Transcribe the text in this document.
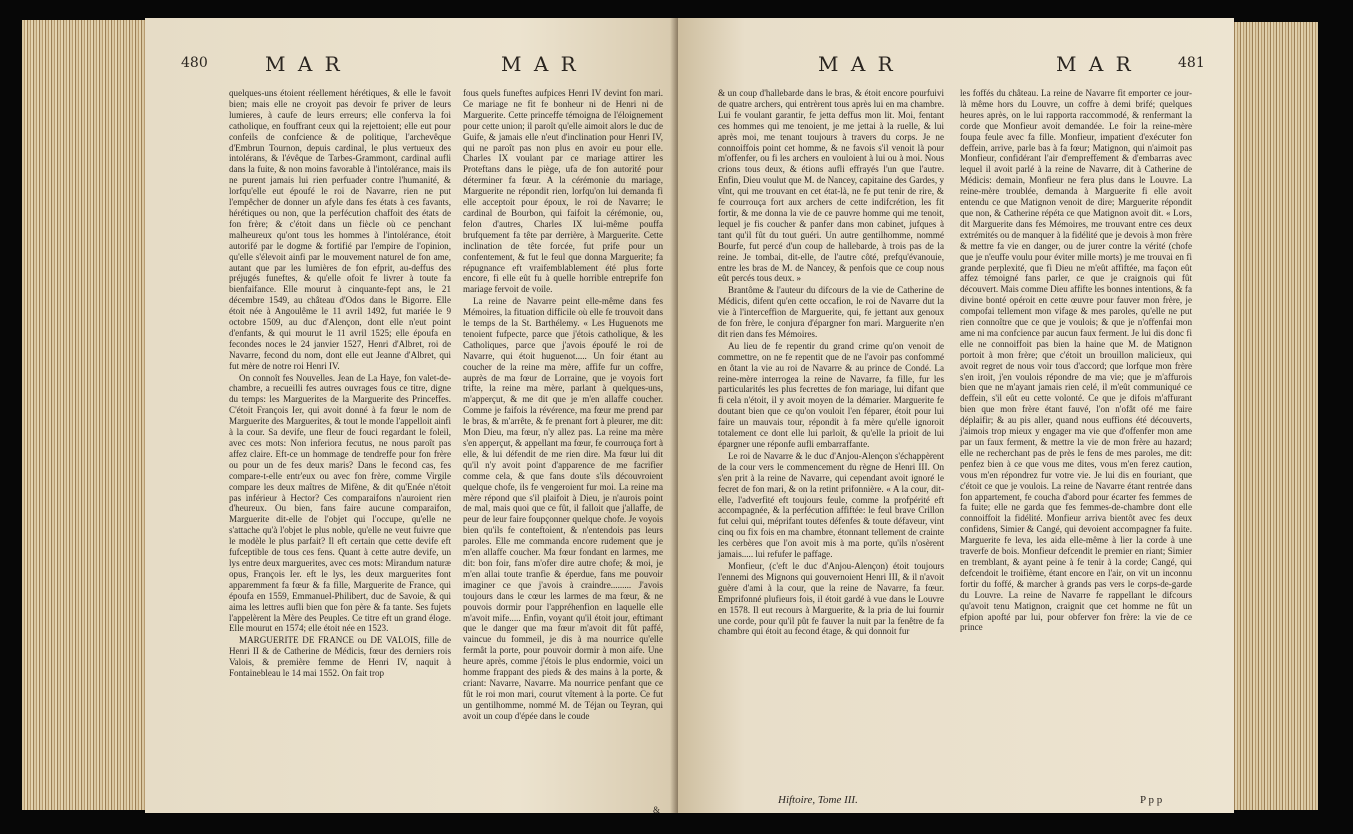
480	M A R	M A R

quelques-uns étoient réellement hérétiques, & elle le favoit bien; mais elle ne croyoit pas devoir fe priver de leurs lumieres, à caufe de leurs erreurs; elle conferva la foi catholique, en fouffrant ceux qui la rejettoient; elle eut pour confeils de confcience & de politique, l'archevêque d'Embrun Tournon, depuis cardinal, le plus vertueux des intolérans, & l'évêque de Tarbes-Grammont, cardinal aufli dans la fuite, & non moins favorable à l'intolérance, mais ils ne purent jamais lui rien perfuader contre l'humanité, & lorfqu'elle eut époufé le roi de Navarre, rien ne put l'empêcher de donner un afyle dans fes états à ces favants, hérétiques ou non, que la perfécution chaffoit des états de fon frère; & c'étoit dans un fiècle où ce penchant malheureux qu'ont tous les hommes à l'intolérance, étoit autorifé par le dogme & fortifié par l'empire de l'opinion, qu'elle s'élevoit ainfi par le mouvement naturel de fon ame, autant que par les lumières de fon efprit, au-deffus des préjugés funeftes, & qu'elle ofoit fe livrer à toute fa bienfaifance. Elle mourut à cinquante-fept ans, le 21 décembre 1549, au château d'Odos dans le Bigorre. Elle étoit née à Angoulême le 11 avril 1492, fut mariée le 9 octobre 1509, au duc d'Alençon, dont elle n'eut point d'enfants, & qui mourut le 11 avril 1525; elle époufa en fecondes noces le 24 janvier 1527, Henri d'Albret, roi de Navarre, fecond du nom, dont elle eut Jeanne d'Albret, qui fut mère de notre roi Henri IV.

On connoît fes Nouvelles. Jean de La Haye, fon valet-de-chambre, a recueilli fes autres ouvrages fous ce titre, digne du temps: les Marguerites de la Marguerite des Princeffes. C'étoit François Ier, qui avoit donné à fa fœur le nom de Marguerite des Marguerites, & tout le monde l'appelloit ainfi à la cour. Sa devife, une fleur de fouci regardant le foleil, avec ces mots: Non inferiora fecutus, ne nous paroît pas affez claire. Eft-ce un hommage de tendreffe pour fon frère ou pour un de fes deux maris? Dans le fecond cas, fes compare-t-elle entr'eux ou avec fon frère, comme Virgile compare les deux maîtres de Mifène, & dit qu'Enée n'étoit pas inférieur à Hector? Ces comparaifons n'auroient rien d'heureux. Ou bien, fans faire aucune comparaifon, Marguerite dit-elle de l'objet qui l'occupe, qu'elle ne s'attache qu'à l'objet le plus noble, qu'elle ne veut fuivre que le modèle le plus parfait? Il eft certain que cette devife eft fufceptible de tous ces fens. Quant à cette autre devife, un lys entre deux marguerites, avec ces mots: Mirandum naturæ opus, François Ier. eft le lys, les deux marguerites font apparemment fa fœur & fa fille, Marguerite de France, qui époufa en 1559, Emmanuel-Philibert, duc de Savoie, & qui aima les lettres aufli bien que fon père & fa tante. Ses fujets l'appelèrent la Mère des Peuples. Ce titre eft un grand éloge. Elle mourut en 1574; elle étoit née en 1523.

MARGUERITE DE FRANCE ou DE VALOIS, fille de Henri II & de Catherine de Médicis, fœur des derniers rois Valois, & première femme de Henri IV, naquit à Fontainebleau le 14 mai 1552. On fait trop

fous quels funeftes aufpices Henri IV devint fon mari. Ce mariage ne fit fe bonheur ni de Henri ni de Marguerite. Cette princeffe témoigna de l'éloignement pour cette union; il paroît qu'elle aimoit alors le duc de Guife, & jamais elle n'eut d'inclination pour Henri IV, qui ne paroît pas non plus en avoir eu pour elle. Charles IX voulant par ce mariage attirer les Proteftans dans le piège, ufa de fon autorité pour déterminer fa fœur. A la cérémonie du mariage, Marguerite ne répondit rien, lorfqu'on lui demanda fi elle acceptoit pour époux, le roi de Navarre; le cardinal de Bourbon, qui faifoit la cérémonie, ou, felon d'autres, Charles IX lui-même pouffa brufquement fa tête par derrière, à Marguerite. Cette inclination de tête forcée, fut prife pour un confentement, & fut le feul que donna Marguerite; fa répugnance eft vraifemblablement été plus forte encore, fi elle eût fu à quelle horrible entreprife fon mariage fervoit de voile.

La reine de Navarre peint elle-même dans fes Mémoires, la fituation difficile où elle fe trouvoit dans le temps de la St. Barthélemy. « Les Huguenots me tenoient fufpecte, parce que j'étois catholique, & les Catholiques, parce que j'avois époufé le roi de Navarre, qui étoit huguenot..... Un foir étant au coucher de la reine ma mère, affife fur un coffre, auprès de ma fœur de Lorraine, que je voyois fort trifte, la reine ma mère, parlant à quelques-uns, m'apperçut, & me dit que je m'en allaffe coucher. Comme je faifois la révérence, ma fœur me prend par le bras, & m'arrête, & fe prenant fort à pleurer, me dit: Mon Dieu, ma fœur, n'y allez pas. La reine ma mère s'en apperçut, & appellant ma fœur, fe courrouça fort à elle, & lui défendit de me rien dire. Ma fœur lui dit qu'il n'y avoit point d'apparence de me facrifier comme cela, & que fans doute s'ils découvroient quelque chofe, ils fe vengeroient fur moi. La reine ma mère répond que s'il plaifoit à Dieu, je n'aurois point de mal, mais quoi que ce fût, il falloit que j'allaffe, de peur de leur faire foupçonner quelque chofe. Je voyois bien qu'ils fe conteftoient, & n'entendois pas leurs paroles. Elle me commanda encore rudement que je m'en allaffe coucher. Ma fœur fondant en larmes, me dit: bon foir, fans m'ofer dire autre chofe; & moi, je m'en allai toute tranfie & éperdue, fans me pouvoir imaginer ce que j'avois à craindre......... J'avois toujours dans le cœur les larmes de ma fœur, & ne pouvois dormir pour l'appréhenfion en laquelle elle m'avoit mife..... Enfin, voyant qu'il étoit jour, eftimant que le danger que ma fœur m'avoit dit fût paffé, vaincue du fommeil, je dis à ma nourrice qu'elle fermât la porte, pour pouvoir dormir à mon aife. Une heure après, comme j'étois le plus endormie, voici un homme frappant des pieds & des mains à la porte, & criant: Navarre, Navarre. Ma nourrice penfant que ce fût le roi mon mari, courut vîtement à la porte. Ce fut un gentilhomme, nommé M. de Téjan ou Teyran, qui avoit un coup d'épée dans le coude

&
M A R	M A R	481

& un coup d'hallebarde dans le bras, & étoit encore pourfuivi de quatre archers, qui entrèrent tous après lui en ma chambre. Lui fe voulant garantir, fe jetta deffus mon lit. Moi, fentant ces hommes qui me tenoient, je me jettai à la ruelle, & lui après moi, me tenant toujours à travers du corps. Je ne connoiffois point cet homme, & ne favois s'il venoit là pour m'offenfer, ou fi les archers en vouloient à lui ou à moi. Nous crions tous deux, & étions aufli effrayés l'un que l'autre. Enfin, Dieu voulut que M. de Nancey, capitaine des Gardes, y vînt, qui me trouvant en cet état-là, ne fe put tenir de rire, & fe courrouça fort aux archers de cette indifcrétion, les fit fortir, & me donna la vie de ce pauvre homme qui me tenoit, lequel je fis coucher & panfer dans mon cabinet, jufques à tant qu'il fût du tout guéri. Un autre gentilhomme, nommé Bourfe, fut percé d'un coup de hallebarde, à trois pas de la reine. Je tombai, dit-elle, de l'autre côté, prefqu'évanouie, entre les bras de M. de Nancey, & penfois que ce coup nous eût percés tous deux. »

Brantôme & l'auteur du difcours de la vie de Catherine de Médicis, difent qu'en cette occafion, le roi de Navarre dut la vie à l'interceffion de Marguerite, qui, fe jettant aux genoux de fon frère, le conjura d'épargner fon mari. Marguerite n'en dit rien dans fes Mémoires.

Au lieu de fe repentir du grand crime qu'on venoit de commettre, on ne fe repentit que de ne l'avoir pas confommé en ôtant la vie au roi de Navarre & au prince de Condé. La reine-mère interrogea la reine de Navarre, fa fille, fur les particularités les plus fecrettes de fon mariage, lui difant que fi cela n'étoit, il y avoit moyen de la démarier. Marguerite fe doutant bien que ce qu'on vouloit l'en féparer, étoit pour lui faire un mauvais tour, répondit à fa mère qu'elle ignoroit totalement ce dont elle lui parloit, & qu'elle la prioit de lui épargner une réponfe aufli embarraffante.

Le roi de Navarre & le duc d'Anjou-Alençon s'échappèrent de la cour vers le commencement du règne de Henri III. On s'en prit à la reine de Navarre, qui cependant avoit ignoré le fecret de fon mari, & on la retint prifonnière. « A la cour, dit-elle, l'adverfité eft toujours feule, comme la profpérité eft accompagnée, & la perfécution affiftée: le feul brave Crillon fut celui qui, méprifant toutes défenfes & toute défaveur, vint cinq ou fix fois en ma chambre, étonnant tellement de crainte les cerbères que l'on avoit mis à ma porte, qu'ils n'osèrent jamais..... lui refufer le paffage.

Monfieur, (c'eft le duc d'Anjou-Alençon) étoit toujours l'ennemi des Mignons qui gouvernoient Henri III, & il n'avoit guère d'ami à la cour, que la reine de Navarre, fa fœur. Emprifonné plufieurs fois, il étoit gardé à vue dans le Louvre en 1578. Il eut recours à Marguerite, & la pria de lui fournir une corde, pour qu'il pût fe fauver la nuit par la fenêtre de fa chambre qui étoit au fecond étage, & qui donnoit fur

les foffés du château. La reine de Navarre fit emporter ce jour-là même hors du Louvre, un coffre à demi brifé; quelques heures après, on le lui rapporta raccommodé, & renfermant la corde que Monfieur avoit demandée. Le foir la reine-mère foupa feule avec fa fille. Monfieur, impatient d'exécuter fon deffein, arrive, parle bas à fa fœur; Matignon, qui n'aimoit pas Monfieur, confidérant l'air d'empreffement & d'embarras avec lequel il avoit parlé à la reine de Navarre, dit à Catherine de Médicis: demain, Monfieur ne fera plus dans le Louvre. La reine-mère troublée, demanda à Marguerite fi elle avoit entendu ce que Matignon venoit de dire; Marguerite répondit que non, & Catherine répéta ce que Matignon avoit dit. « Lors, dit Marguerite dans fes Mémoires, me trouvant entre ces deux extrémités ou de manquer à la fidélité que je devois à mon frère & mettre fa vie en danger, ou de jurer contre la vérité (chofe que je n'euffe voulu pour éviter mille morts) je me trouvai en fi grande perplexité, que fi Dieu ne m'eût affiftée, ma façon eût affez témoigné fans parler, ce que je craignois qui fût découvert. Mais comme Dieu affifte les bonnes intentions, & fa divine bonté opéroit en cette œuvre pour fauver mon frère, je compofai tellement mon vifage & mes paroles, qu'elle ne put rien connoître que ce que je voulois; & que je n'offenfai mon ame ni ma confcience par aucun faux ferment. Je lui dis donc fi elle ne connoiffoit pas bien la haine que M. de Matignon portoit à mon frère; que c'étoit un brouillon malicieux, qui avoit regret de nous voir tous d'accord; que lorfque mon frère s'en iroit, j'en voulois répondre de ma vie; que je m'affurois bien que ne m'ayant jamais rien celé, il m'eût communiqué ce deffein, s'il eût eu cette volonté. Ce que je difois m'affurant bien que mon frère étant fauvé, l'on n'ofât ofé me faire déplaifir; & au pis aller, quand nous euffions été découverts, j'aimois trop mieux y engager ma vie que d'offenfer mon ame par un faux ferment, & mettre la vie de mon frère au hazard; elle ne recherchant pas de près le fens de mes paroles, me dit: penfez bien à ce que vous me dites, vous m'en ferez caution, vous m'en répondrez fur votre vie. Je lui dis en fouriant, que c'étoit ce que je voulois. La reine de Navarre étant rentrée dans fon appartement, fe coucha d'abord pour écarter fes femmes de fa fuite; elle ne garda que fes femmes-de-chambre dont elle connoiffoit la fidélité. Monfieur arriva bientôt avec fes deux confidens, Simier & Cangé, qui devoient accompagner fa fuite. Marguerite fe leva, les aida elle-même à lier la corde à une traverfe de bois. Monfieur defcendit le premier en riant; Simier en tremblant, & ayant peine à fe tenir à la corde; Cangé, qui defcendoit le troifième, étant encore en l'air, on vit un inconnu fortir du foffé, & marcher à grands pas vers le corps-de-garde du Louvre. La reine de Navarre fe rappellant le difcours qu'avoit tenu Matignon, craignit que cet homme ne fût un efpion apofté par lui, pour obferver fon frère: la vie de ce prince

Hiftoire, Tome III.	P p p
